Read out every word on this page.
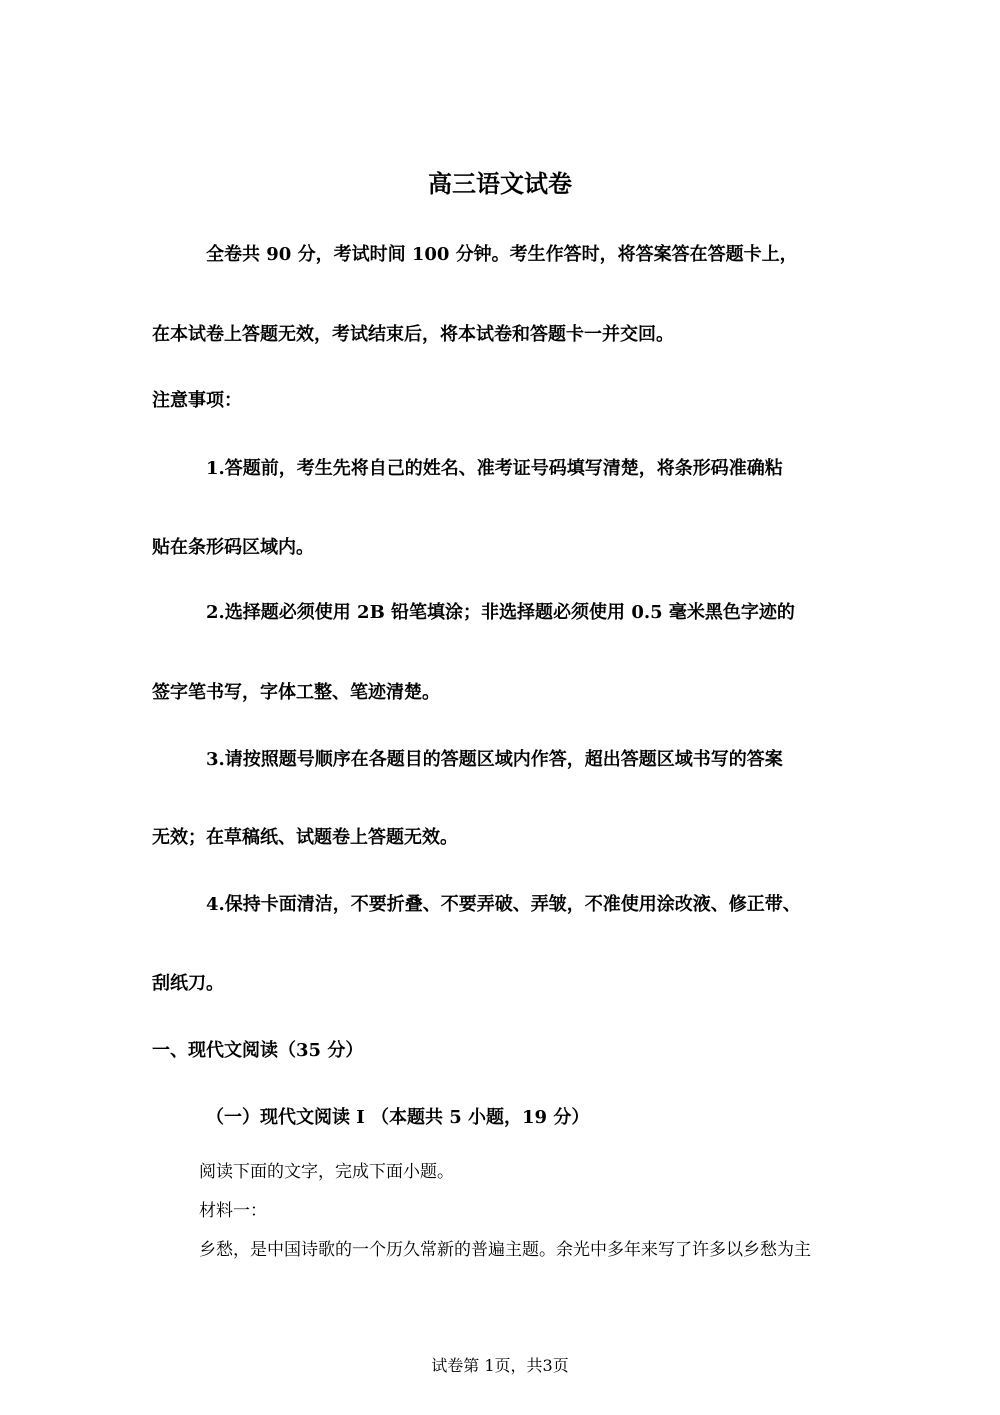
高三语文试卷
全卷共 90 分，考试时间 100 分钟。考生作答时，将答案答在答题卡上，
在本试卷上答题无效，考试结束后，将本试卷和答题卡一并交回。
注意事项：
1.答题前，考生先将自己的姓名、准考证号码填写清楚，将条形码准确粘
贴在条形码区域内。
2.选择题必须使用 2B 铅笔填涂；非选择题必须使用 0.5 毫米黑色字迹的
签字笔书写，字体工整、笔迹清楚。
3.请按照题号顺序在各题目的答题区域内作答，超出答题区域书写的答案
无效；在草稿纸、试题卷上答题无效。
4.保持卡面清洁，不要折叠、不要弄破、弄皱，不准使用涂改液、修正带、
刮纸刀。
一、现代文阅读（35 分）
（一）现代文阅读 I （本题共 5 小题，19 分）
阅读下面的文字，完成下面小题。
材料一：
乡愁，是中国诗歌的一个历久常新的普遍主题。余光中多年来写了许多以乡愁为主
试卷第 1页，共3页
